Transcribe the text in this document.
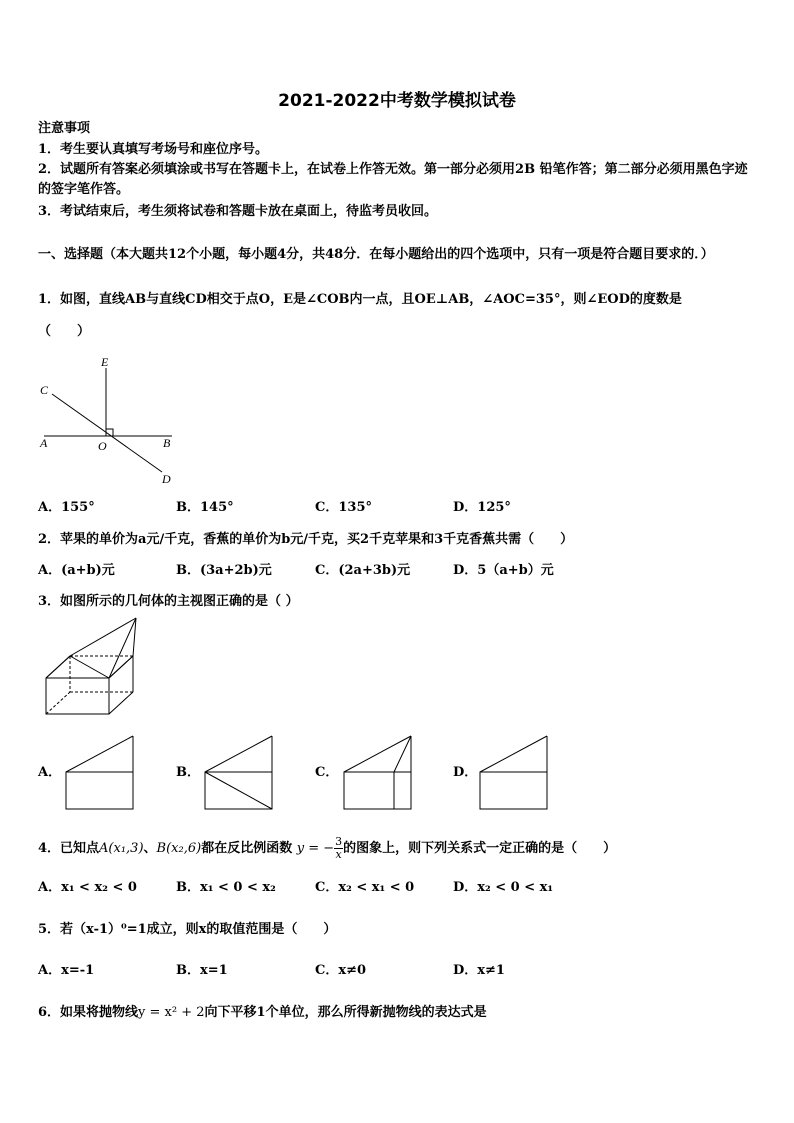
2021-2022中考数学模拟试卷
注意事项
1．考生要认真填写考场号和座位序号。
2．试题所有答案必须填涂或书写在答题卡上，在试卷上作答无效。第一部分必须用2B 铅笔作答；第二部分必须用黑色字迹的签字笔作答。
3．考试结束后，考生须将试卷和答题卡放在桌面上，待监考员收回。
一、选择题（本大题共12个小题，每小题4分，共48分．在每小题给出的四个选项中，只有一项是符合题目要求的．）
1．如图，直线AB与直线CD相交于点O，E是∠COB内一点，且OE⊥AB，∠AOC=35°，则∠EOD的度数是
（　　）
E
C
A	O	B
D
A．155°	B．145°	C．135°	D．125°
2．苹果的单价为a元/千克，香蕉的单价为b元/千克，买2千克苹果和3千克香蕉共需（　　）
A．(a+b)元	B．(3a+2b)元	C．(2a+3b)元	D．5（a+b）元
3．如图所示的几何体的主视图正确的是（ ）
A．	B．	C．	D．
4．已知点A(x₁,3)、B(x₂,6)都在反比例函数 y = − $\frac{3}{x}$ 的图象上，则下列关系式一定正确的是（　　）
A．x₁ < x₂ < 0	B．x₁ < 0 < x₂	C．x₂ < x₁ < 0	D．x₂ < 0 < x₁
5．若（x-1）⁰=1成立，则x的取值范围是（　　）
A．x=-1	B．x=1	C．x≠0	D．x≠1
6．如果将抛物线y = x² + 2向下平移1个单位，那么所得新抛物线的表达式是
